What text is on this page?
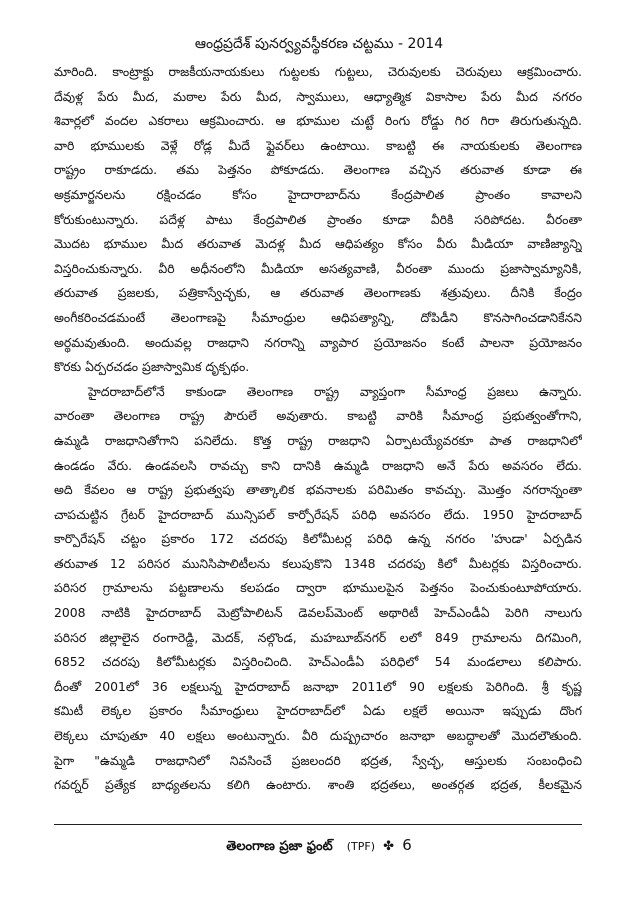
ఆంధ్రప్రదేశ్ పునర్వ్యవస్థీకరణ చట్టము - 2014
మారింది. కాంట్రాక్టు రాజకీయనాయకులు గుట్టలకు గుట్టలు, చెరువులకు చెరువులు ఆక్రమించారు.
దేవుళ్ల పేరు మీద, మఠాల పేరు మీద, స్వాములు, ఆధ్యాత్మిక వికాసాల పేరు మీద నగరం
శివార్లలో వందల ఎకరాలు ఆక్రమించారు. ఆ భూముల చుట్టే రింగు రోడ్డు గిర గిరా తిరుగుతున్నది.
వారి భూములకు వెళ్లే రోడ్ల మీదే ఫ్లైవర్‌లు ఉంటాయి. కాబట్టి ఈ నాయకులకు తెలంగాణ
రాష్ట్రం రాకూడదు. తమ పెత్తనం పోకూడదు. తెలంగాణ వచ్చిన తరువాత కూడా ఈ
అక్రమార్జనలను రక్షించడం కోసం హైదారాబాద్‌ను కేంద్రపాలిత ప్రాంతం కావాలని
కోరుకుంటున్నారు. పదేళ్ల పాటు కేంద్రపాలిత ప్రాంతం కూడా వీరికి సరిపోదట. వీరంతా
మొదట భూముల మీద తరువాత మెదళ్ల మీద ఆధిపత్యం కోసం వీరు మీడియా వాణిజ్యాన్ని
విస్తరించుకున్నారు. వీరి అధీనంలోని మీడియా అసత్యవాణి, వీరంతా ముందు ప్రజాస్వామ్యానికి,
తరువాత ప్రజలకు, పత్రికాస్వేచ్ఛకు, ఆ తరువాత తెలంగాణకు శత్రువులు. దీనికి కేంద్రం
అంగీకరించడమంటే తెలంగాణపై సీమాంధ్రుల ఆధిపత్యాన్ని, దోపిడీని కొనసాగించడానికేనని
అర్థమవుతుంది. అందువల్ల రాజధాని నగరాన్ని వ్యాపార ప్రయోజనం కంటే పాలనా ప్రయోజనం
కొరకు ఏర్పరచడం ప్రజాస్వామిక దృక్పథం.
హైదరాబాద్‌లోనే కాకుండా తెలంగాణ రాష్ట్ర వ్యాప్తంగా సీమాంధ్ర ప్రజలు ఉన్నారు.
వారంతా తెలంగాణ రాష్ట్ర పౌరులే అవుతారు. కాబట్టి వారికి సీమాంధ్ర ప్రభుత్వంతోగాని,
ఉమ్మడి రాజధానితోగాని పనిలేదు. కొత్త రాష్ట్ర రాజధాని ఏర్పాటయ్యేవరకూ పాత రాజధానిలో
ఉండడం వేరు. ఉండవలసి రావచ్చు కాని దానికి ఉమ్మడి రాజధాని అనే పేరు అవసరం లేదు.
అది కేవలం ఆ రాష్ట్ర ప్రభుత్వపు తాత్కాలిక భవనాలకు పరిమితం కావచ్చు. మొత్తం నగరాన్నంతా
చాపచుట్టిన గ్రేటర్ హైదరాబాద్ మున్సిపల్ కార్పోరేషన్ పరిధి అవసరం లేదు. 1950 హైదరాబాద్
కార్పొరేషన్ చట్టం ప్రకారం 172 చదరపు కిలోమీటర్ల పరిధి ఉన్న నగరం 'హుడా' ఏర్పడిన
తరువాత 12 పరిసర మునిసిపాలిటీలను కలుపుకొని 1348 చదరపు కిలో మీటర్లకు విస్తరించారు.
పరిసర గ్రామాలను పట్టణాలను కలపడం ద్వారా భూములపైన పెత్తనం పెంచుకుంటూపోయారు.
2008 నాటికి హైదరాబాద్ మెట్రోపాలిటన్ డెవలప్‌మెంట్ అథారిటీ హెచ్ఎండీఏ పెరిగి నాలుగు
పరిసర జిల్లాలైన రంగారెడ్డి, మెదక్, నల్గొండ, మహబూబ్‌నగర్ లలో 849 గ్రామాలను దిగమింగి,
6852 చదరపు కిలోమీటర్లకు విస్తరించింది. హెచ్ఎండీఏ పరిధిలో 54 మండలాలు కలిపారు.
దీంతో 2001లో 36 లక్షలున్న హైదరాబాద్ జనాభా 2011లో 90 లక్షలకు పెరిగింది. శ్రీ కృష్ణ
కమిటీ లెక్కల ప్రకారం సీమాంధ్రులు హైదరాబాద్‌లో ఏడు లక్షలే అయినా ఇప్పుడు దొంగ
లెక్కలు చూపుతూ 40 లక్షలు అంటున్నారు. వీరి దుష్ప్రచారం జనాభా అబద్ధాలతో మొదలౌతుంది.
పైగా "ఉమ్మడి రాజధానిలో నివసించే ప్రజలందరి భద్రత, స్వేచ్ఛ, ఆస్తులకు సంబంధించి
గవర్నర్ ప్రత్యేక బాధ్యతలను కలిగి ఉంటారు. శాంతి భద్రతలు, అంతర్గత భద్రత, కీలకమైన
తెలంగాణ ప్రజా ఫ్రంట్ (TPF) ✤ 6
